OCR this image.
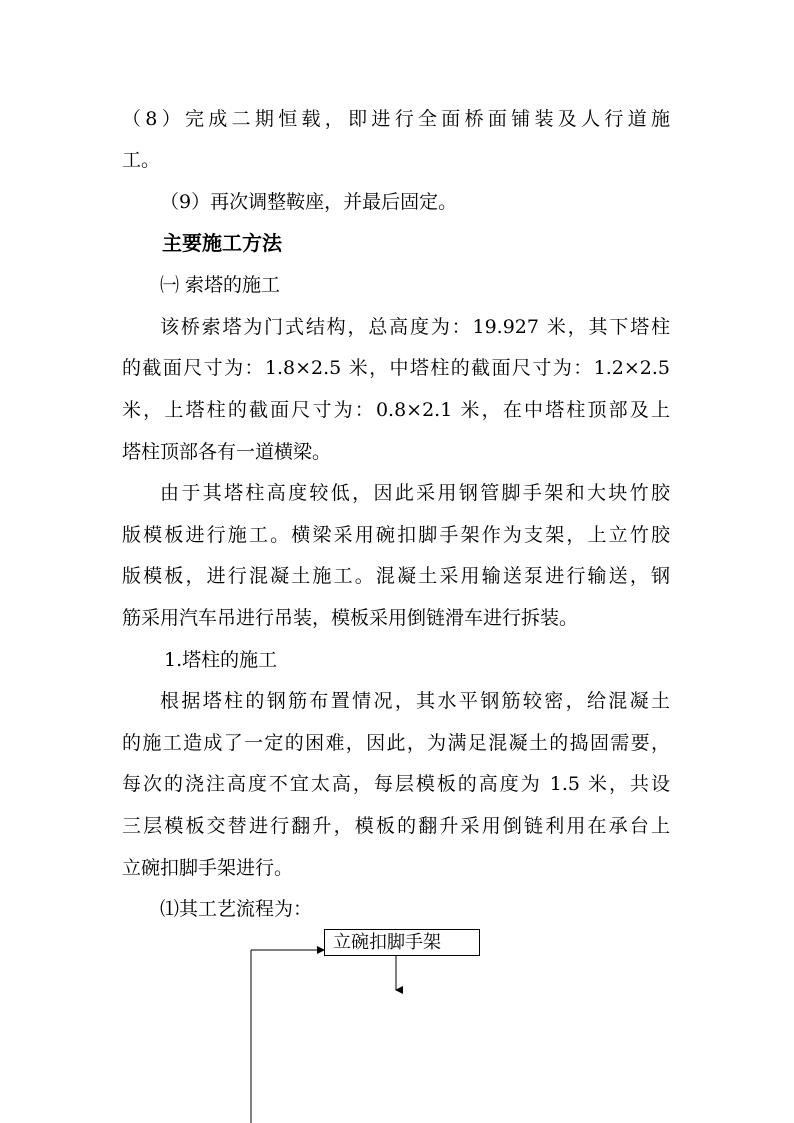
（8）完成二期恒载，即进行全面桥面铺装及人行道施
工。
（9）再次调整鞍座，并最后固定。
主要施工方法
㈠ 索塔的施工
该桥索塔为门式结构，总高度为：19.927 米，其下塔柱
的截面尺寸为：1.8×2.5 米，中塔柱的截面尺寸为：1.2×2.5
米，上塔柱的截面尺寸为：0.8×2.1 米，在中塔柱顶部及上
塔柱顶部各有一道横梁。
由于其塔柱高度较低，因此采用钢管脚手架和大块竹胶
版模板进行施工。横梁采用碗扣脚手架作为支架，上立竹胶
版模板，进行混凝土施工。混凝土采用输送泵进行输送，钢
筋采用汽车吊进行吊装，模板采用倒链滑车进行拆装。
1.塔柱的施工
根据塔柱的钢筋布置情况，其水平钢筋较密，给混凝土
的施工造成了一定的困难，因此，为满足混凝土的捣固需要，
每次的浇注高度不宜太高，每层模板的高度为 1.5 米，共设
三层模板交替进行翻升，模板的翻升采用倒链利用在承台上
立碗扣脚手架进行。
⑴其工艺流程为：
立碗扣脚手架
